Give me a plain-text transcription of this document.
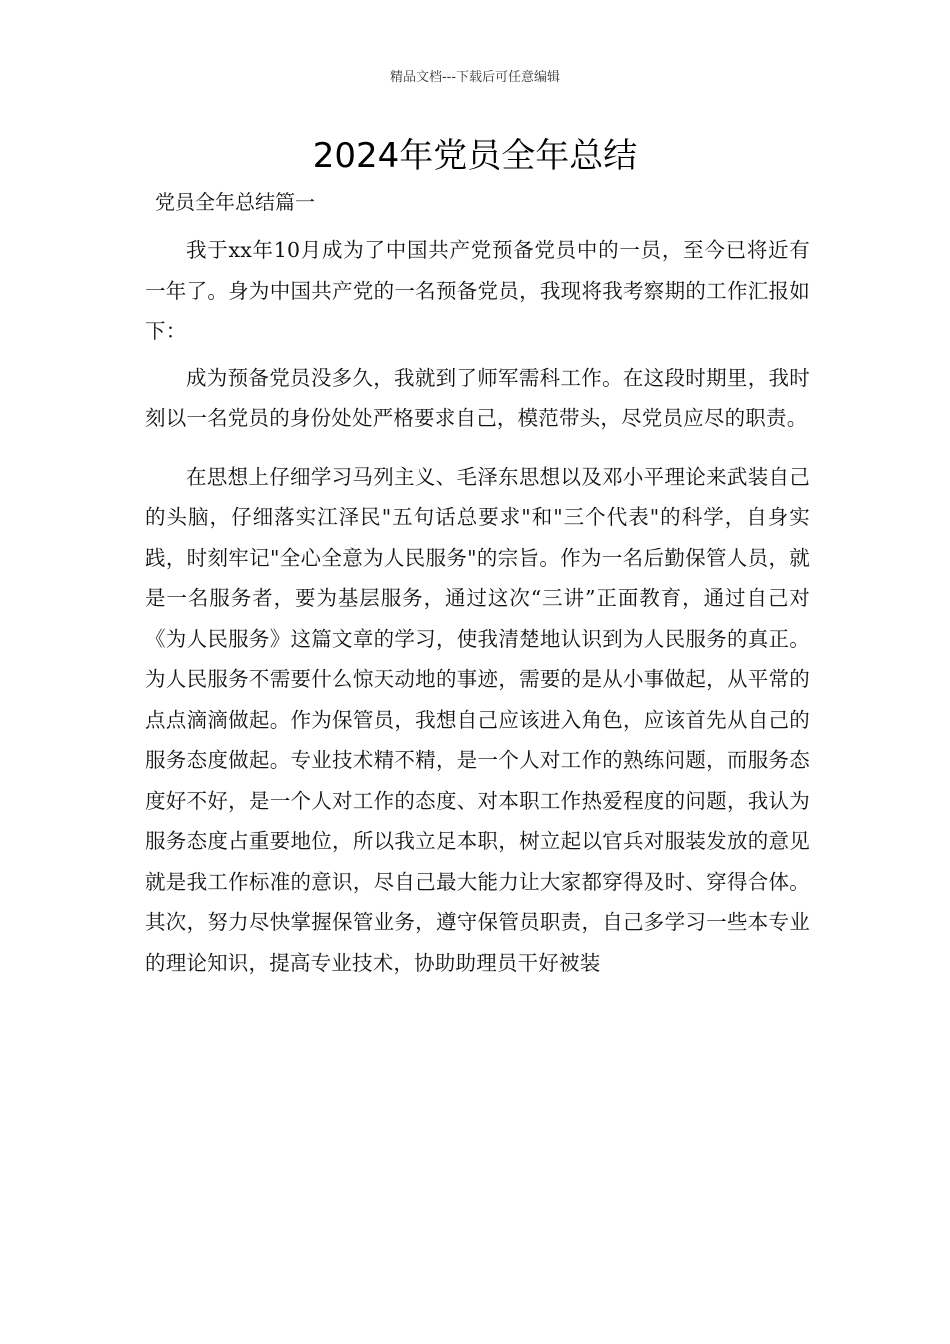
精品文档---下载后可任意编辑
2024年党员全年总结
党员全年总结篇一

我于xx年10月成为了中国共产党预备党员中的一员，至今已将近有一年了。身为中国共产党的一名预备党员，我现将我考察期的工作汇报如下：

成为预备党员没多久，我就到了师军需科工作。在这段时期里，我时刻以一名党员的身份处处严格要求自己，模范带头，尽党员应尽的职责。

在思想上仔细学习马列主义、毛泽东思想以及邓小平理论来武装自己的头脑，仔细落实江泽民"五句话总要求"和"三个代表"的科学，自身实践，时刻牢记"全心全意为人民服务"的宗旨。作为一名后勤保管人员，就是一名服务者，要为基层服务，通过这次“三讲”正面教育，通过自己对《为人民服务》这篇文章的学习，使我清楚地认识到为人民服务的真正。为人民服务不需要什么惊天动地的事迹，需要的是从小事做起，从平常的点点滴滴做起。作为保管员，我想自己应该进入角色，应该首先从自己的服务态度做起。专业技术精不精，是一个人对工作的熟练问题，而服务态度好不好，是一个人对工作的态度、对本职工作热爱程度的问题，我认为服务态度占重要地位，所以我立足本职，树立起以官兵对服装发放的意见就是我工作标准的意识，尽自己最大能力让大家都穿得及时、穿得合体。其次，努力尽快掌握保管业务，遵守保管员职责，自己多学习一些本专业的理论知识，提高专业技术，协助助理员干好被装
